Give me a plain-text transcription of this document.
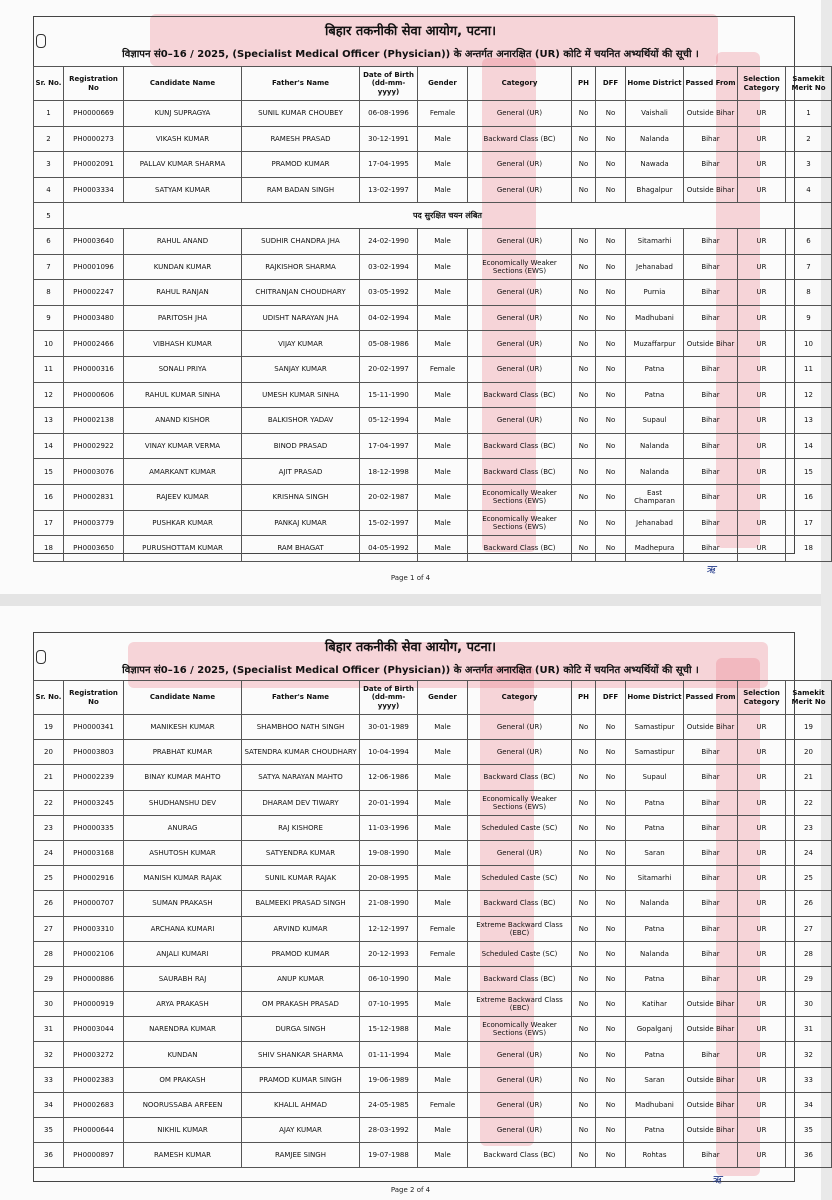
बिहार तकनीकी सेवा आयोग, पटना।
विज्ञापन सं0–16 / 2025, (Specialist Medical Officer (Physician)) के अन्तर्गत अनारक्षित (UR) कोटि में चयनित अभ्यर्थियों की सूची ।
Sr. No.	Registration No	Candidate Name	Father's Name	Date of Birth (dd-mm-yyyy)	Gender	Category	PH	DFF	Home District	Passed From	Selection Category	Samekit Merit No
1	PH0000669	KUNJ SUPRAGYA	SUNIL KUMAR CHOUBEY	06-08-1996	Female	General (UR)	No	No	Vaishali	Outside Bihar	UR	1
2	PH0000273	VIKASH KUMAR	RAMESH PRASAD	30-12-1991	Male	Backward Class (BC)	No	No	Nalanda	Bihar	UR	2
3	PH0002091	PALLAV KUMAR SHARMA	PRAMOD KUMAR	17-04-1995	Male	General (UR)	No	No	Nawada	Bihar	UR	3
4	PH0003334	SATYAM KUMAR	RAM BADAN SINGH	13-02-1997	Male	General (UR)	No	No	Bhagalpur	Outside Bihar	UR	4
5	पद सुरक्षित चयन लंबित											
6	PH0003640	RAHUL ANAND	SUDHIR CHANDRA JHA	24-02-1990	Male	General (UR)	No	No	Sitamarhi	Bihar	UR	6
7	PH0001096	KUNDAN KUMAR	RAJKISHOR SHARMA	03-02-1994	Male	Economically Weaker Sections (EWS)	No	No	Jehanabad	Bihar	UR	7
8	PH0002247	RAHUL RANJAN	CHITRANJAN CHOUDHARY	03-05-1992	Male	General (UR)	No	No	Purnia	Bihar	UR	8
9	PH0003480	PARITOSH JHA	UDISHT NARAYAN JHA	04-02-1994	Male	General (UR)	No	No	Madhubani	Bihar	UR	9
10	PH0002466	VIBHASH KUMAR	VIJAY KUMAR	05-08-1986	Male	General (UR)	No	No	Muzaffarpur	Outside Bihar	UR	10
11	PH0000316	SONALI PRIYA	SANJAY KUMAR	20-02-1997	Female	General (UR)	No	No	Patna	Bihar	UR	11
12	PH0000606	RAHUL KUMAR SINHA	UMESH KUMAR SINHA	15-11-1990	Male	Backward Class (BC)	No	No	Patna	Bihar	UR	12
13	PH0002138	ANAND KISHOR	BALKISHOR YADAV	05-12-1994	Male	General (UR)	No	No	Supaul	Bihar	UR	13
14	PH0002922	VINAY KUMAR VERMA	BINOD PRASAD	17-04-1997	Male	Backward Class (BC)	No	No	Nalanda	Bihar	UR	14
15	PH0003076	AMARKANT KUMAR	AJIT PRASAD	18-12-1998	Male	Backward Class (BC)	No	No	Nalanda	Bihar	UR	15
16	PH0002831	RAJEEV KUMAR	KRISHNA SINGH	20-02-1987	Male	Economically Weaker Sections (EWS)	No	No	East Champaran	Bihar	UR	16
17	PH0003779	PUSHKAR KUMAR	PANKAJ KUMAR	15-02-1997	Male	Economically Weaker Sections (EWS)	No	No	Jehanabad	Bihar	UR	17
18	PH0003650	PURUSHOTTAM KUMAR	RAM BHAGAT	04-05-1992	Male	Backward Class (BC)	No	No	Madhepura	Bihar	UR	18
Page 1 of 4
ऋ
बिहार तकनीकी सेवा आयोग, पटना।
विज्ञापन सं0–16 / 2025, (Specialist Medical Officer (Physician)) के अन्तर्गत अनारक्षित (UR) कोटि में चयनित अभ्यर्थियों की सूची ।
Sr. No.	Registration No	Candidate Name	Father's Name	Date of Birth (dd-mm-yyyy)	Gender	Category	PH	DFF	Home District	Passed From	Selection Category	Samekit Merit No
19	PH0000341	MANIKESH KUMAR	SHAMBHOO NATH SINGH	30-01-1989	Male	General (UR)	No	No	Samastipur	Outside Bihar	UR	19
20	PH0003803	PRABHAT KUMAR	SATENDRA KUMAR CHOUDHARY	10-04-1994	Male	General (UR)	No	No	Samastipur	Bihar	UR	20
21	PH0002239	BINAY KUMAR MAHTO	SATYA NARAYAN MAHTO	12-06-1986	Male	Backward Class (BC)	No	No	Supaul	Bihar	UR	21
22	PH0003245	SHUDHANSHU DEV	DHARAM DEV TIWARY	20-01-1994	Male	Economically Weaker Sections (EWS)	No	No	Patna	Bihar	UR	22
23	PH0000335	ANURAG	RAJ KISHORE	11-03-1996	Male	Scheduled Caste (SC)	No	No	Patna	Bihar	UR	23
24	PH0003168	ASHUTOSH KUMAR	SATYENDRA KUMAR	19-08-1990	Male	General (UR)	No	No	Saran	Bihar	UR	24
25	PH0002916	MANISH KUMAR RAJAK	SUNIL KUMAR RAJAK	20-08-1995	Male	Scheduled Caste (SC)	No	No	Sitamarhi	Bihar	UR	25
26	PH0000707	SUMAN PRAKASH	BALMEEKI PRASAD SINGH	21-08-1990	Male	Backward Class (BC)	No	No	Nalanda	Bihar	UR	26
27	PH0003310	ARCHANA KUMARI	ARVIND KUMAR	12-12-1997	Female	Extreme Backward Class (EBC)	No	No	Patna	Bihar	UR	27
28	PH0002106	ANJALI KUMARI	PRAMOD KUMAR	20-12-1993	Female	Scheduled Caste (SC)	No	No	Nalanda	Bihar	UR	28
29	PH0000886	SAURABH RAJ	ANUP KUMAR	06-10-1990	Male	Backward Class (BC)	No	No	Patna	Bihar	UR	29
30	PH0000919	ARYA PRAKASH	OM PRAKASH PRASAD	07-10-1995	Male	Extreme Backward Class (EBC)	No	No	Katihar	Outside Bihar	UR	30
31	PH0003044	NARENDRA KUMAR	DURGA SINGH	15-12-1988	Male	Economically Weaker Sections (EWS)	No	No	Gopalganj	Outside Bihar	UR	31
32	PH0003272	KUNDAN	SHIV SHANKAR SHARMA	01-11-1994	Male	General (UR)	No	No	Patna	Bihar	UR	32
33	PH0002383	OM PRAKASH	PRAMOD KUMAR SINGH	19-06-1989	Male	General (UR)	No	No	Saran	Outside Bihar	UR	33
34	PH0002683	NOORUSSABA ARFEEN	KHALIL AHMAD	24-05-1985	Female	General (UR)	No	No	Madhubani	Outside Bihar	UR	34
35	PH0000644	NIKHIL KUMAR	AJAY KUMAR	28-03-1992	Male	General (UR)	No	No	Patna	Outside Bihar	UR	35
36	PH0000897	RAMESH KUMAR	RAMJEE SINGH	19-07-1988	Male	Backward Class (BC)	No	No	Rohtas	Bihar	UR	36
Page 2 of 4
ऋ
